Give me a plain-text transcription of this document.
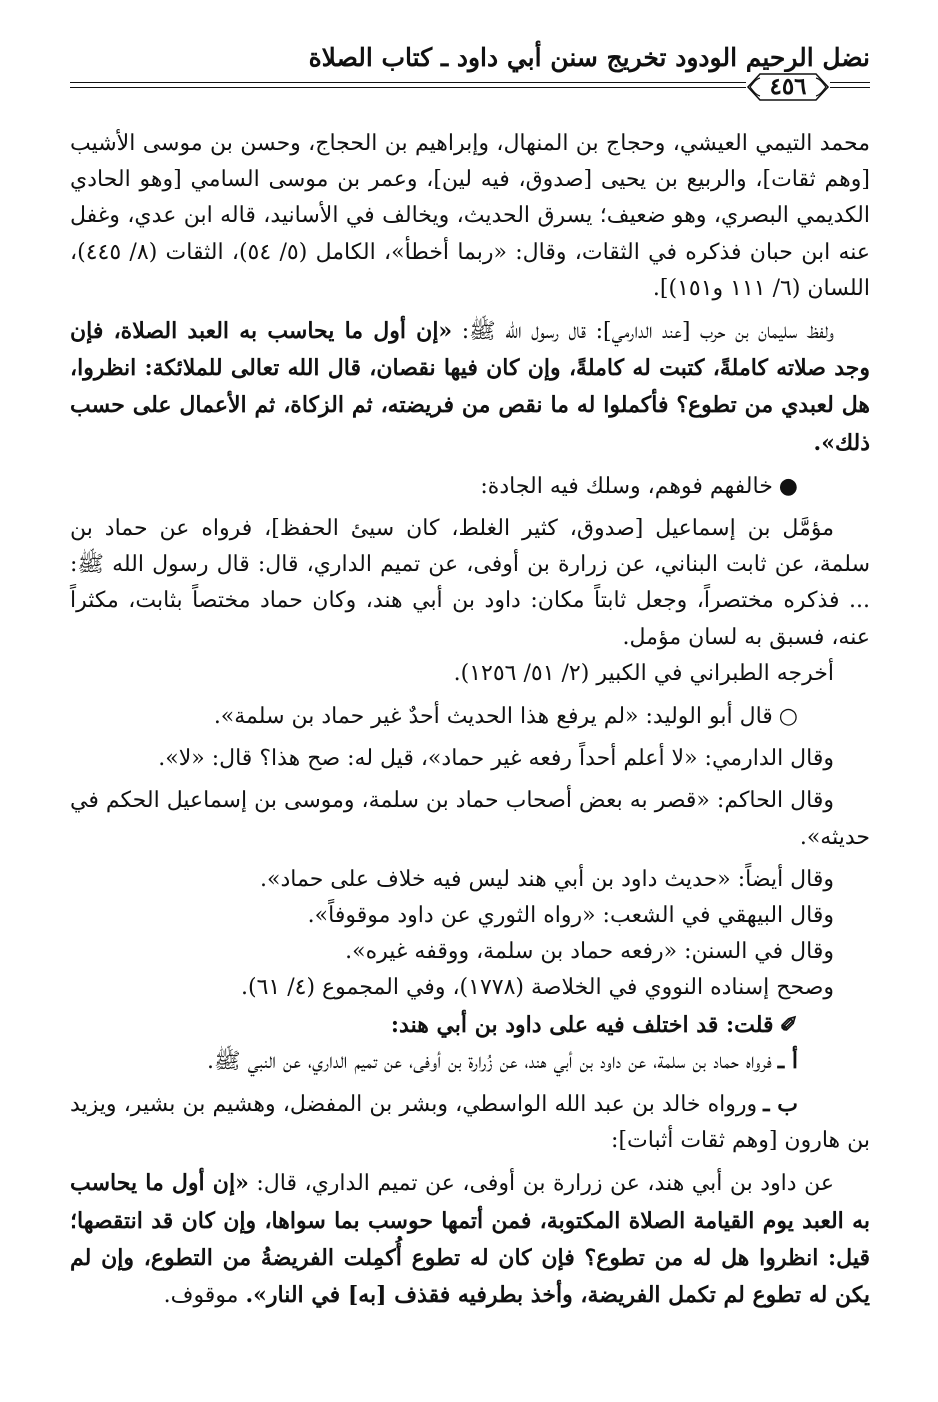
نضل الرحيم الودود تخريج سنن أبي داود ـ كتاب الصلاة
٤٥٦

محمد التيمي العيشي، وحجاج بن المنهال، وإبراهيم بن الحجاج، وحسن بن موسى الأشيب [وهم ثقات]، والربيع بن يحيى [صدوق، فيه لين]، وعمر بن موسى السامي [وهو الحادي الكديمي البصري، وهو ضعيف؛ يسرق الحديث، ويخالف في الأسانيد، قاله ابن عدي، وغفل عنه ابن حبان فذكره في الثقات، وقال: «ربما أخطأ»، الكامل (٥/ ٥٤)، الثقات (٨/ ٤٤٥)، اللسان (٦/ ١١١ و١٥١)].

ولفظ سليمان بن حرب [عند الدارمي]: قال رسول الله ﷺ: «إن أول ما يحاسب به العبد الصلاة، فإن وجد صلاته كاملةً، كتبت له كاملةً، وإن كان فيها نقصان، قال الله تعالى للملائكة: انظروا، هل لعبدي من تطوع؟ فأكملوا له ما نقص من فريضته، ثم الزكاة، ثم الأعمال على حسب ذلك».

●خالفهم فوهم، وسلك فيه الجادة:

مؤمَّل بن إسماعيل [صدوق، كثير الغلط، كان سيئ الحفظ]، فرواه عن حماد بن سلمة، عن ثابت البناني، عن زرارة بن أوفى، عن تميم الداري، قال: قال رسول الله ﷺ: ... فذكره مختصراً، وجعل ثابتاً مكان: داود بن أبي هند، وكان حماد مختصاً بثابت، مكثراً عنه، فسبق به لسان مؤمل.

أخرجه الطبراني في الكبير (٢/ ٥١/ ١٢٥٦).

○قال أبو الوليد: «لم يرفع هذا الحديث أحدٌ غير حماد بن سلمة».

وقال الدارمي: «لا أعلم أحداً رفعه غير حماد»، قيل له: صح هذا؟ قال: «لا».

وقال الحاكم: «قصر به بعض أصحاب حماد بن سلمة، وموسى بن إسماعيل الحكم في حديثه».

وقال أيضاً: «حديث داود بن أبي هند ليس فيه خلاف على حماد».

وقال البيهقي في الشعب: «رواه الثوري عن داود موقوفاً».

وقال في السنن: «رفعه حماد بن سلمة، ووقفه غيره».

وصحح إسناده النووي في الخلاصة (١٧٧٨)، وفي المجموع (٤/ ٦١).

✐قلت: قد اختلف فيه على داود بن أبي هند:

أ ـفرواه حماد بن سلمة، عن داود بن أبي هند، عن زُرارة بن أوفى، عن تميم الداري، عن النبي ﷺ.

ب ـورواه خالد بن عبد الله الواسطي، وبشر بن المفضل، وهشيم بن بشير، ويزيد بن هارون [وهم ثقات أثبات]:

عن داود بن أبي هند، عن زرارة بن أوفى، عن تميم الداري، قال: «إن أول ما يحاسب به العبد يوم القيامة الصلاة المكتوبة، فمن أتمها حوسب بما سواها، وإن كان قد انتقصها؛ قيل: انظروا هل له من تطوع؟ فإن كان له تطوع أُكمِلت الفريضةُ من التطوع، وإن لم يكن له تطوع لم تكمل الفريضة، وأخذ بطرفيه فقذف [به] في النار». موقوف.
